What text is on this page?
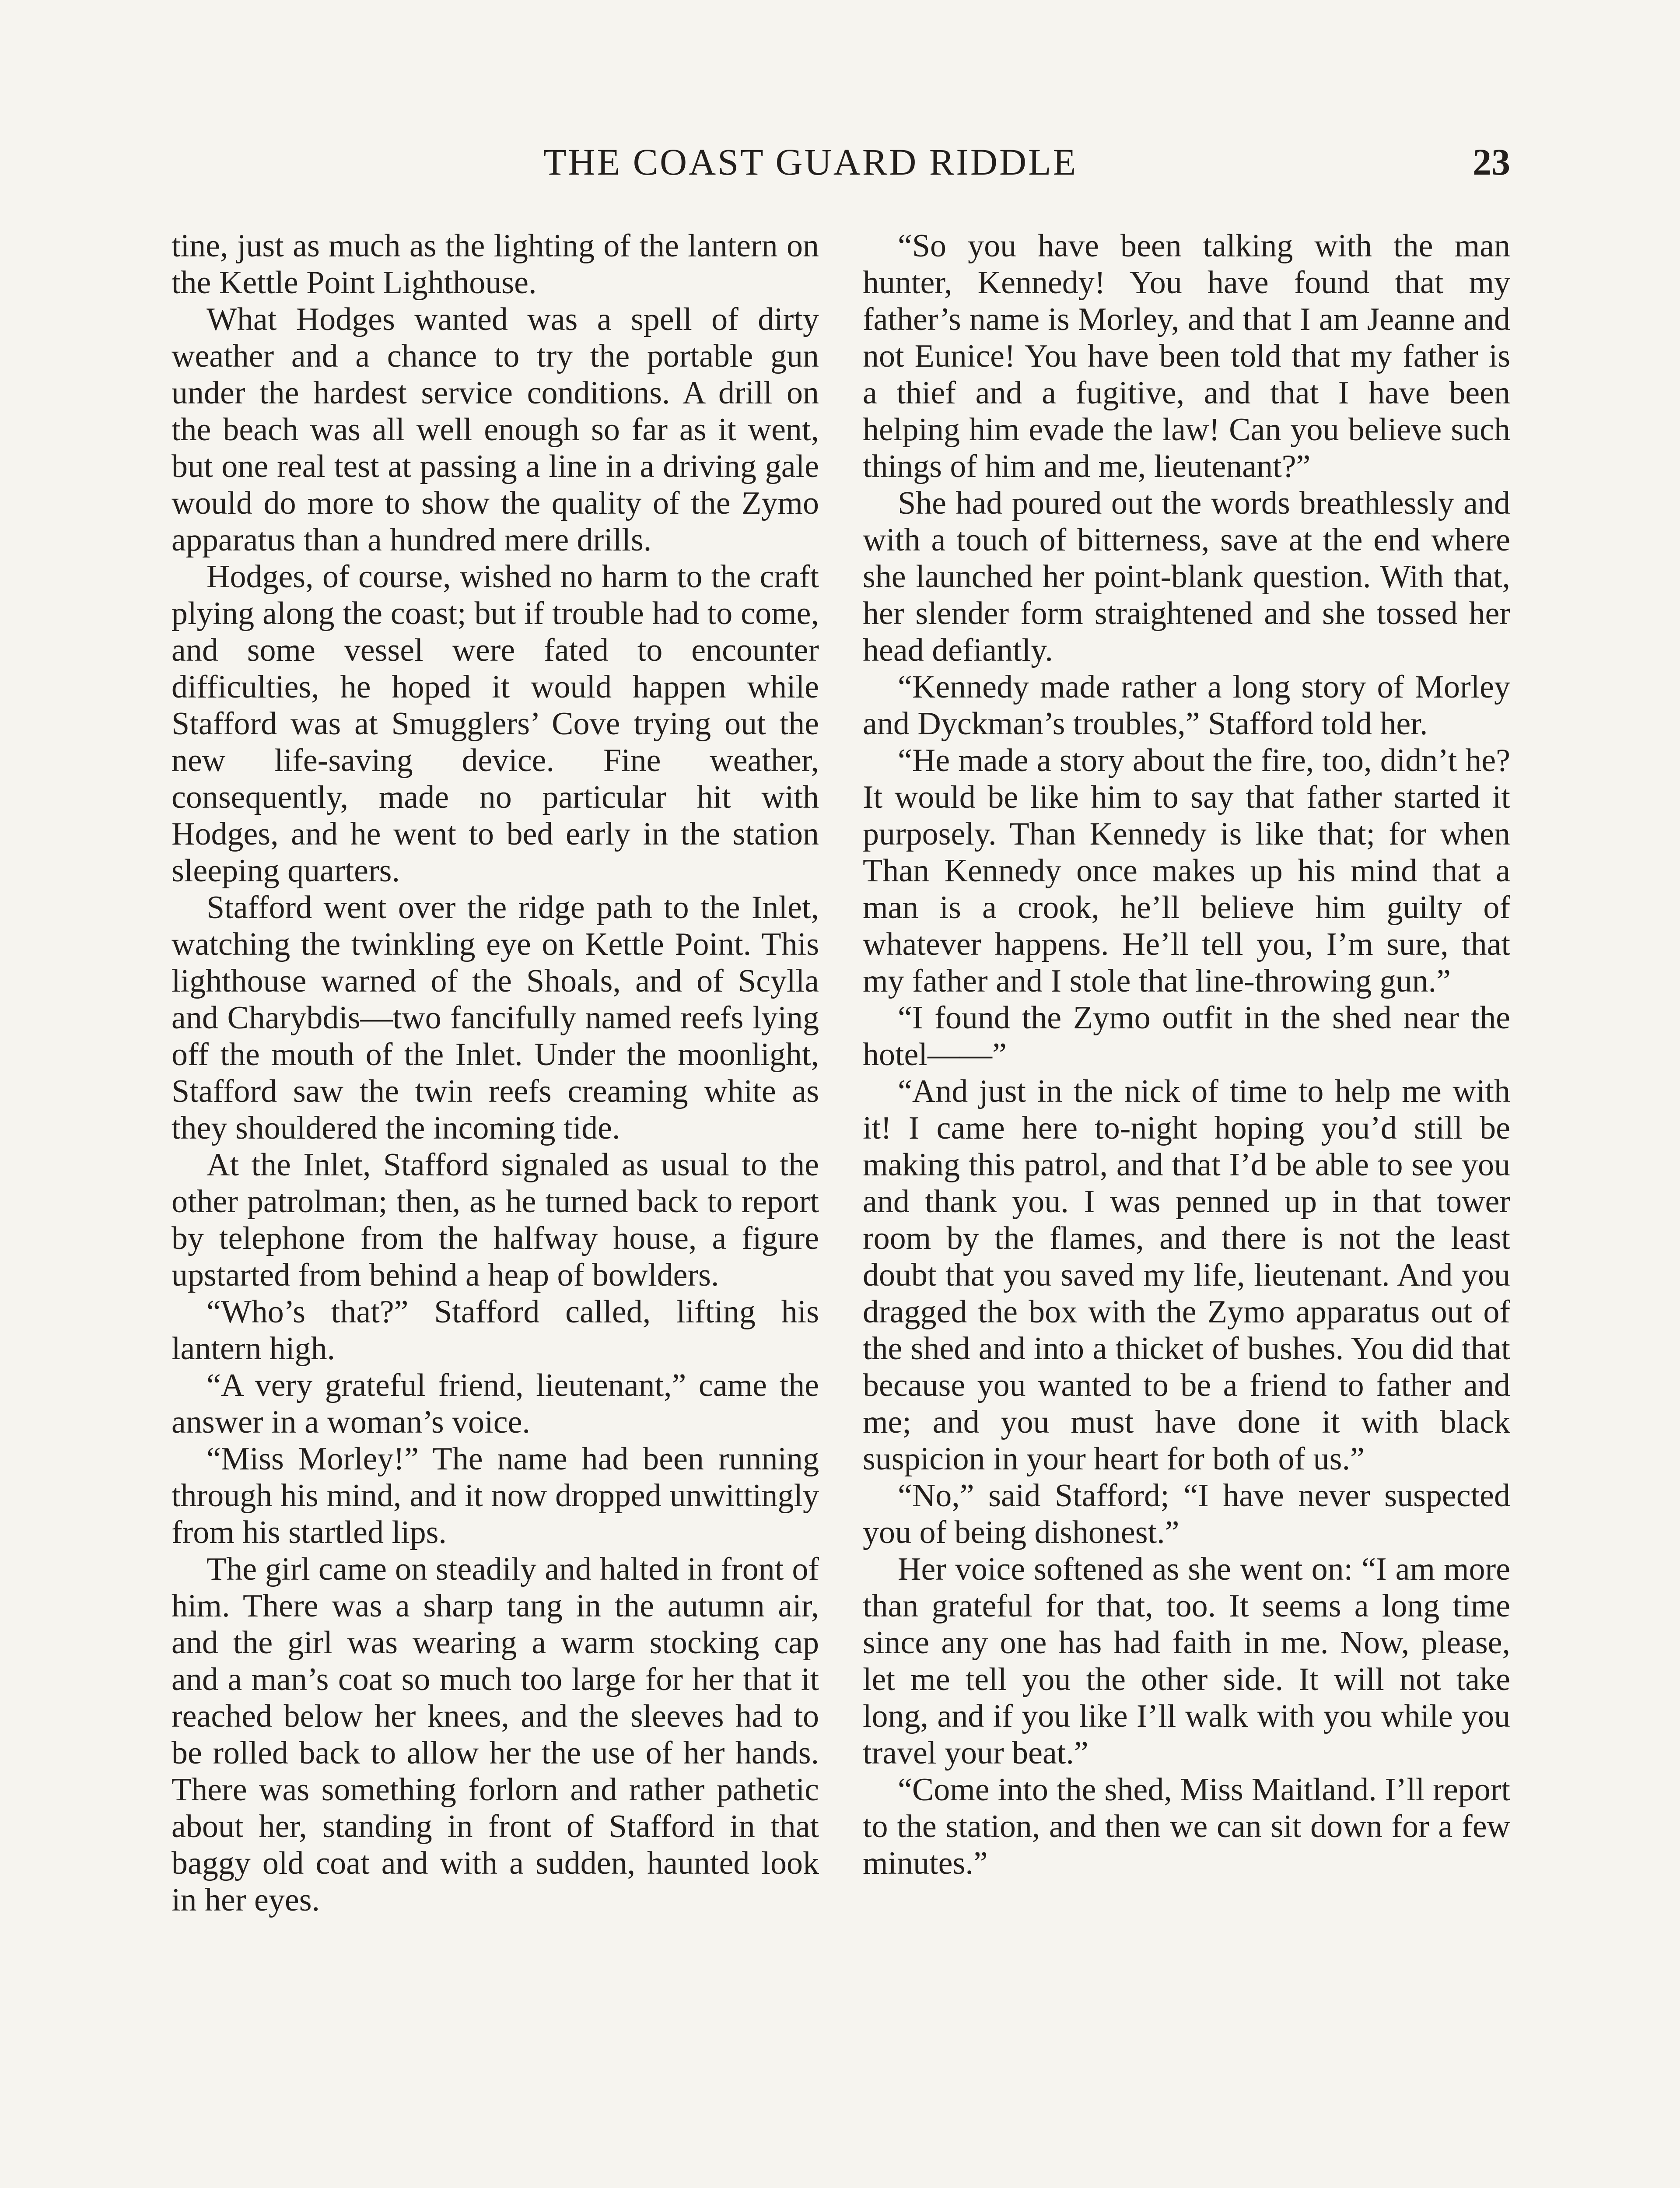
THE COAST GUARD RIDDLE	23

tine, just as much as the lighting of the lantern on the Kettle Point Lighthouse.

What Hodges wanted was a spell of dirty weather and a chance to try the portable gun under the hardest service conditions. A drill on the beach was all well enough so far as it went, but one real test at passing a line in a driving gale would do more to show the quality of the Zymo apparatus than a hundred mere drills.

Hodges, of course, wished no harm to the craft plying along the coast; but if trouble had to come, and some vessel were fated to encounter difficulties, he hoped it would happen while Stafford was at Smugglers’ Cove trying out the new life-saving device. Fine weather, consequently, made no particular hit with Hodges, and he went to bed early in the station sleeping quarters.

Stafford went over the ridge path to the Inlet, watching the twinkling eye on Kettle Point. This lighthouse warned of the Shoals, and of Scylla and Charybdis—two fancifully named reefs lying off the mouth of the Inlet. Under the moonlight, Stafford saw the twin reefs creaming white as they shouldered the incoming tide.

At the Inlet, Stafford signaled as usual to the other patrolman; then, as he turned back to report by telephone from the halfway house, a figure upstarted from behind a heap of bowlders.

“Who’s that?” Stafford called, lifting his lantern high.

“A very grateful friend, lieutenant,” came the answer in a woman’s voice.

“Miss Morley!” The name had been running through his mind, and it now dropped unwittingly from his startled lips.

The girl came on steadily and halted in front of him. There was a sharp tang in the autumn air, and the girl was wearing a warm stocking cap and a man’s coat so much too large for her that it reached below her knees, and the sleeves had to be rolled back to allow her the use of her hands. There was something forlorn and rather pathetic about her, standing in front of Stafford in that baggy old coat and with a sudden, haunted look in her eyes.

“So you have been talking with the man hunter, Kennedy! You have found that my father’s name is Morley, and that I am Jeanne and not Eunice! You have been told that my father is a thief and a fugitive, and that I have been helping him evade the law! Can you believe such things of him and me, lieutenant?”

She had poured out the words breathlessly and with a touch of bitterness, save at the end where she launched her point-blank question. With that, her slender form straightened and she tossed her head defiantly.

“Kennedy made rather a long story of Morley and Dyckman’s troubles,” Stafford told her.

“He made a story about the fire, too, didn’t he? It would be like him to say that father started it purposely. Than Kennedy is like that; for when Than Kennedy once makes up his mind that a man is a crook, he’ll believe him guilty of whatever happens. He’ll tell you, I’m sure, that my father and I stole that line-throwing gun.”

“I found the Zymo outfit in the shed near the hotel——”

“And just in the nick of time to help me with it! I came here to-night hoping you’d still be making this patrol, and that I’d be able to see you and thank you. I was penned up in that tower room by the flames, and there is not the least doubt that you saved my life, lieutenant. And you dragged the box with the Zymo apparatus out of the shed and into a thicket of bushes. You did that because you wanted to be a friend to father and me; and you must have done it with black suspicion in your heart for both of us.”

“No,” said Stafford; “I have never suspected you of being dishonest.”

Her voice softened as she went on: “I am more than grateful for that, too. It seems a long time since any one has had faith in me. Now, please, let me tell you the other side. It will not take long, and if you like I’ll walk with you while you travel your beat.”

“Come into the shed, Miss Maitland. I’ll report to the station, and then we can sit down for a few minutes.”
